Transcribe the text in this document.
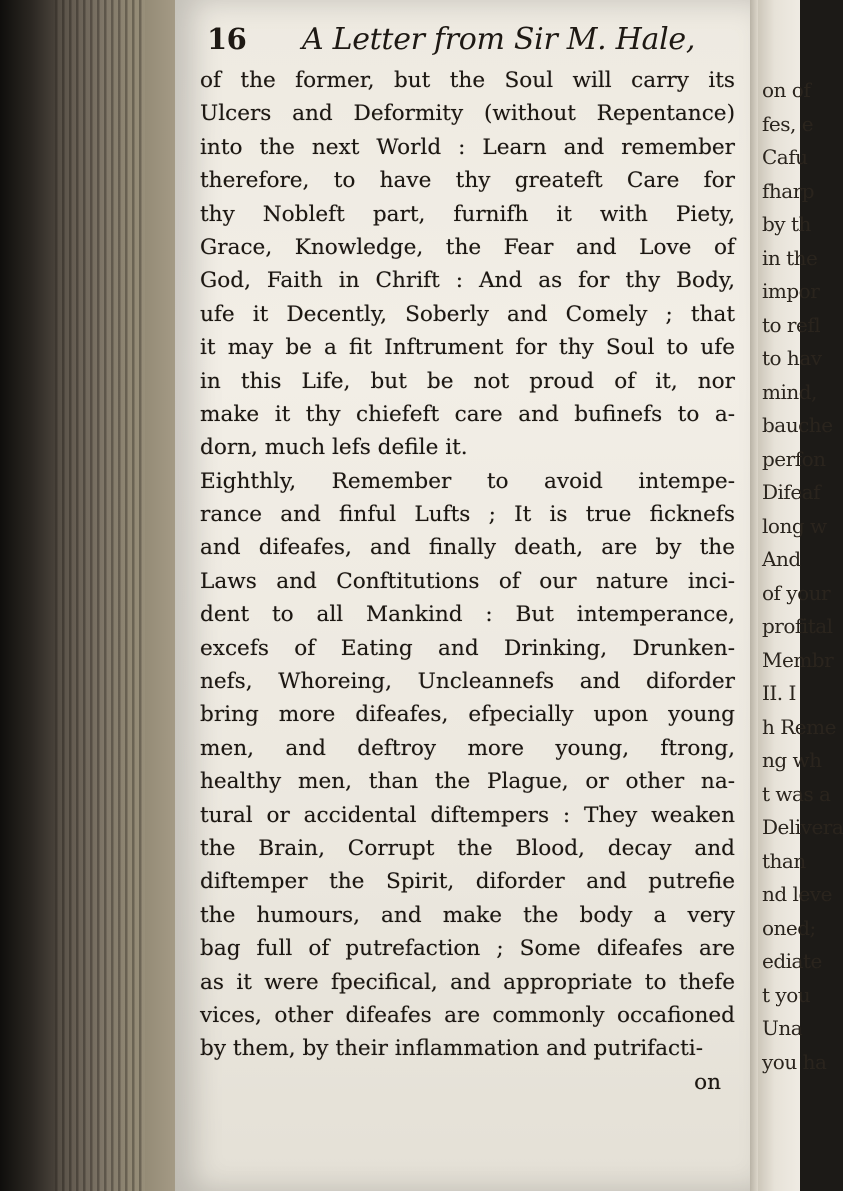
on of
fes, e
Cafu
fharp
by th
in the
impor
to refl
to hav
mind,
bauche
perfon
Difeaf
long w
And
of your
profital
Membr
II. I
h Reme
ng wh
t was a
Delivera
than
nd leve
oned;
ediate
t you
Una
you ha
16 A Letter from Sir M. Hale,
of the former, but the Soul will carry its
Ulcers and Deformity (without Repentance)
into the next World : Learn and remember
therefore, to have thy greateft Care for
thy Nobleft part, furnifh it with Piety,
Grace, Knowledge, the Fear and Love of
God, Faith in Chrift : And as for thy Body,
ufe it Decently, Soberly and Comely ; that
it may be a fit Inftrument for thy Soul to ufe
in this Life, but be not proud of it, nor
make it thy chiefeft care and bufinefs to a-
dorn, much lefs defile it.
Eighthly, Remember to avoid intempe-
rance and finful Lufts ; It is true ficknefs
and difeafes, and finally death, are by the
Laws and Conftitutions of our nature inci-
dent to all Mankind : But intemperance,
excefs of Eating and Drinking, Drunken-
nefs, Whoreing, Uncleannefs and diforder
bring more difeafes, efpecially upon young
men, and deftroy more young, ftrong,
healthy men, than the Plague, or other na-
tural or accidental diftempers : They weaken
the Brain, Corrupt the Blood, decay and
diftemper the Spirit, diforder and putrefie
the humours, and make the body a very
bag full of putrefaction ; Some difeafes are
as it were fpecifical, and appropriate to thefe
vices, other difeafes are commonly occafioned
by them, by their inflammation and putrifacti-
on
